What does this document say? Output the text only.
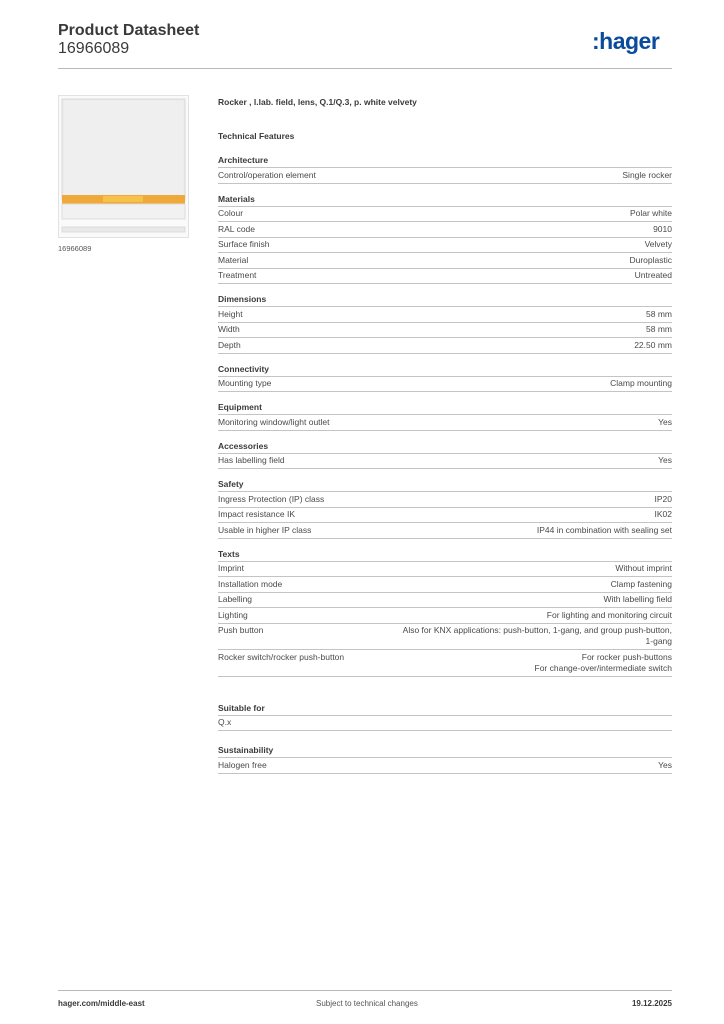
Product Datasheet
16966089	:hager
16966089
Rocker , l.lab. field, lens, Q.1/Q.3, p. white velvety
Technical Features
Architecture
Control/operation element	Single rocker
Materials
Colour	Polar white
RAL code	9010
Surface finish	Velvety
Material	Duroplastic
Treatment	Untreated
Dimensions
Height	58 mm
Width	58 mm
Depth	22.50 mm
Connectivity
Mounting type	Clamp mounting
Equipment
Monitoring window/light outlet	Yes
Accessories
Has labelling field	Yes
Safety
Ingress Protection (IP) class	IP20
Impact resistance IK	IK02
Usable in higher IP class	IP44 in combination with sealing set
Texts
Imprint	Without imprint
Installation mode	Clamp fastening
Labelling	With labelling field
Lighting	For lighting and monitoring circuit
Push button	Also for KNX applications: push-button, 1-gang, and group push-button,
1-gang
Rocker switch/rocker push-button	For rocker push-buttons
For change-over/intermediate switch
Suitable for
Q.x
Sustainability
Halogen free	Yes
hager.com/middle-east	Subject to technical changes	19.12.2025
